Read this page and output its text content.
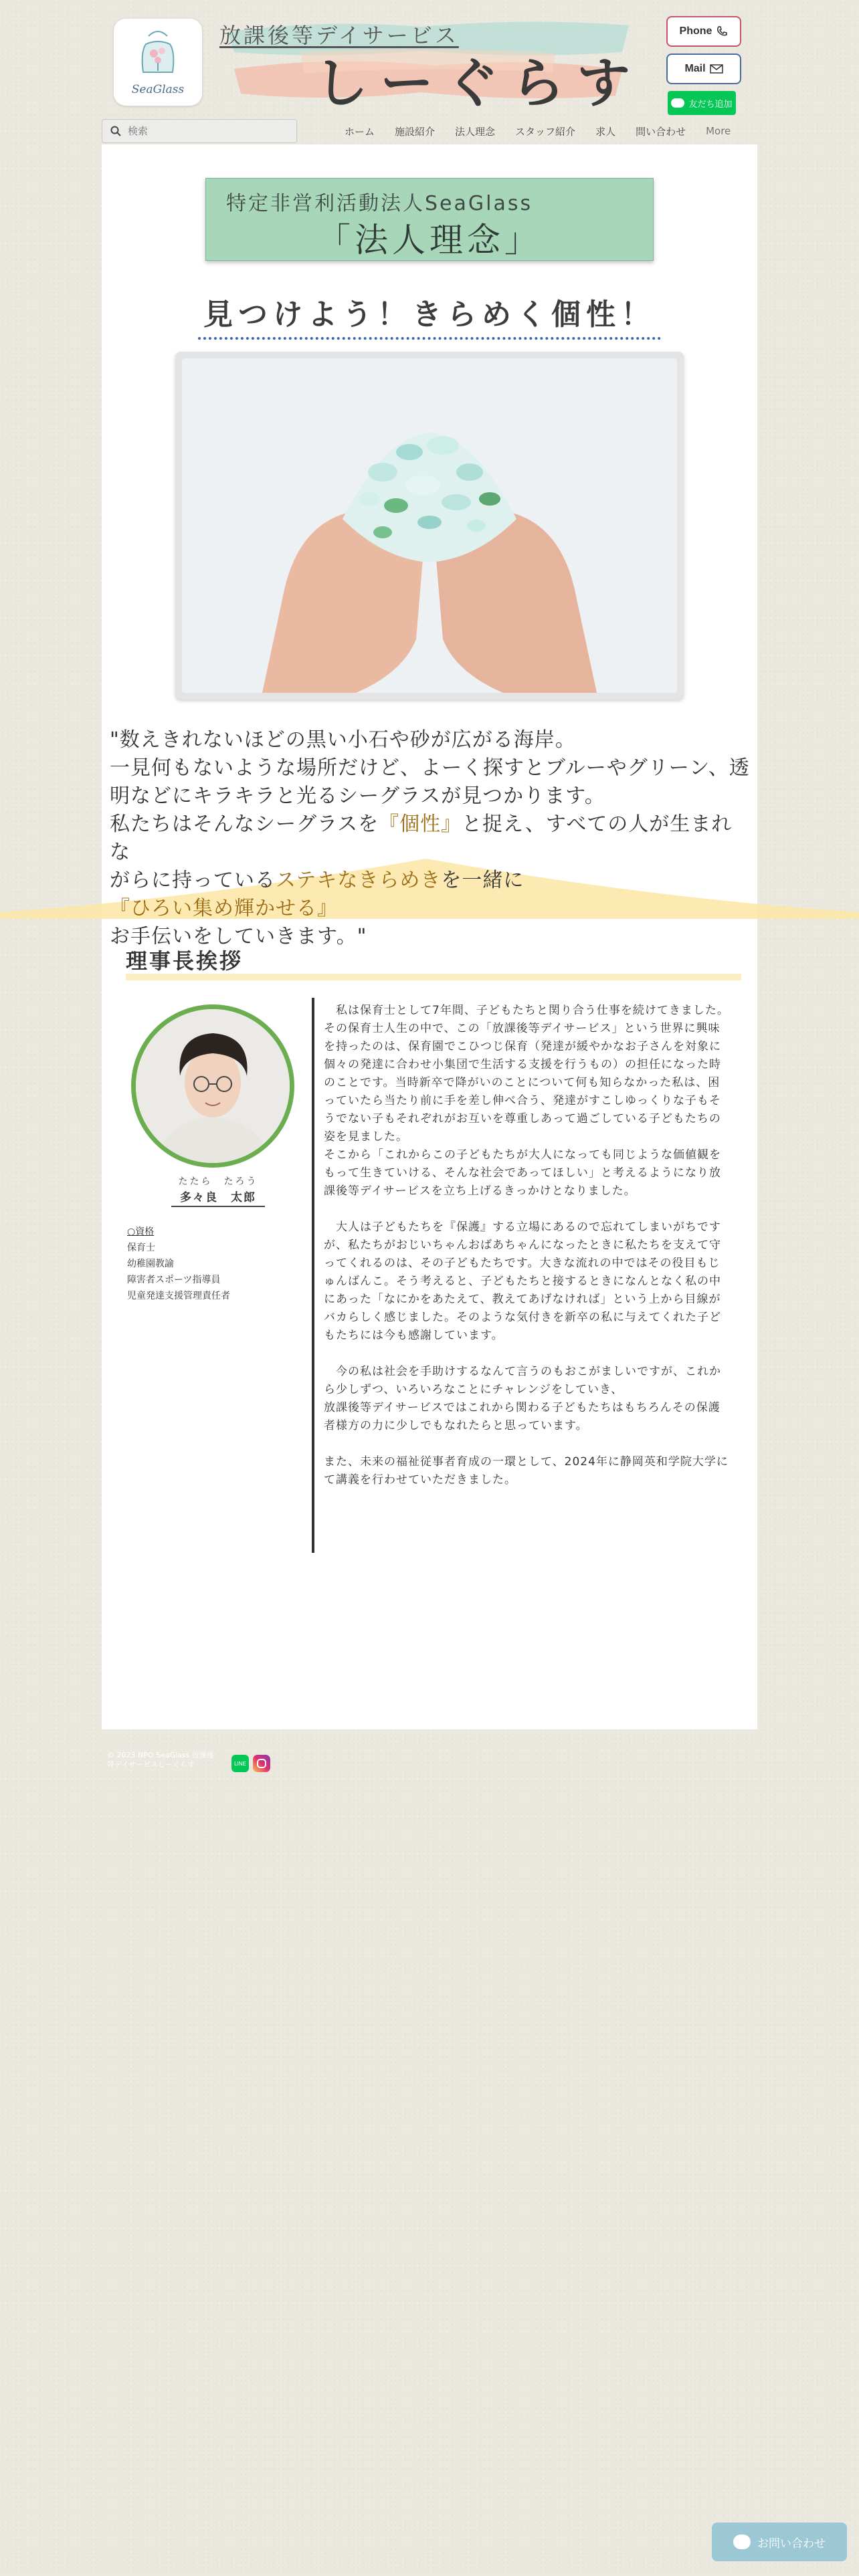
SeaGlass
放課後等デイサービス
しーぐらす
Phone
Mail
友だち追加
検索
ホーム	施設紹介	法人理念	スタッフ紹介	求人	問い合わせ	More
特定非営利活動法人SeaGlass
「法人理念」
見つけよう！きらめく個性！
"数えきれないほどの黒い小石や砂が広がる海岸。
一見何もないような場所だけど、よーく探すとブルーやグリーン、透
明などにキラキラと光るシーグラスが見つかります。
私たちはそんなシーグラスを『個性』と捉え、すべての人が生まれな
がらに持っているステキなきらめきを一緒に『ひろい集め輝かせる』
お手伝いをしていきます。"
理事長挨拶
たたら　たろう
多々良　太郎
○資格
保育士
幼稚園教諭
障害者スポーツ指導員
児童発達支援管理責任者

　私は保育士として7年間、子どもたちと関り合う仕事を続けてきました。その保育士人生の中で、この「放課後等デイサービス」という世界に興味を持ったのは、保育園でこひつじ保育（発達が緩やかなお子さんを対象に個々の発達に合わせ小集団で生活する支援を行うもの）の担任になった時のことです。当時新卒で降がいのことについて何も知らなかった私は、困っていたら当たり前に手を差し伸べ合う、発達がすこしゆっくりな子もそうでない子もそれぞれがお互いを尊重しあって過ごしている子どもたちの姿を見ました。

そこから「これからこの子どもたちが大人になっても同じような価値観をもって生きていける、そんな社会であってほしい」と考えるようになり放課後等デイサービスを立ち上げるきっかけとなりました。

　大人は子どもたちを『保護』する立場にあるので忘れてしまいがちですが、私たちがおじいちゃんおばあちゃんになったときに私たちを支えて守ってくれるのは、その子どもたちです。大きな流れの中ではその役目もじゅんばんこ。そう考えると、子どもたちと接するときになんとなく私の中にあった「なにかをあたえて、教えてあげなければ」という上から目線がバカらしく感じました。そのような気付きを新卒の私に与えてくれた子どもたちには今も感謝しています。

　今の私は社会を手助けするなんて言うのもおこがましいですが、これから少しずつ、いろいろなことにチャレンジをしていき、

放課後等デイサービスではこれから関わる子どもたちはもちろんその保護者様方の力に少しでもなれたらと思っています。

また、未来の福祉従事者育成の一環として、2024年に静岡英和学院大学にて講義を行わせていただきました。

© 2023 NPO SeaGlass 放課後
等デイサービスしーぐらす	LINE
お問い合わせ
